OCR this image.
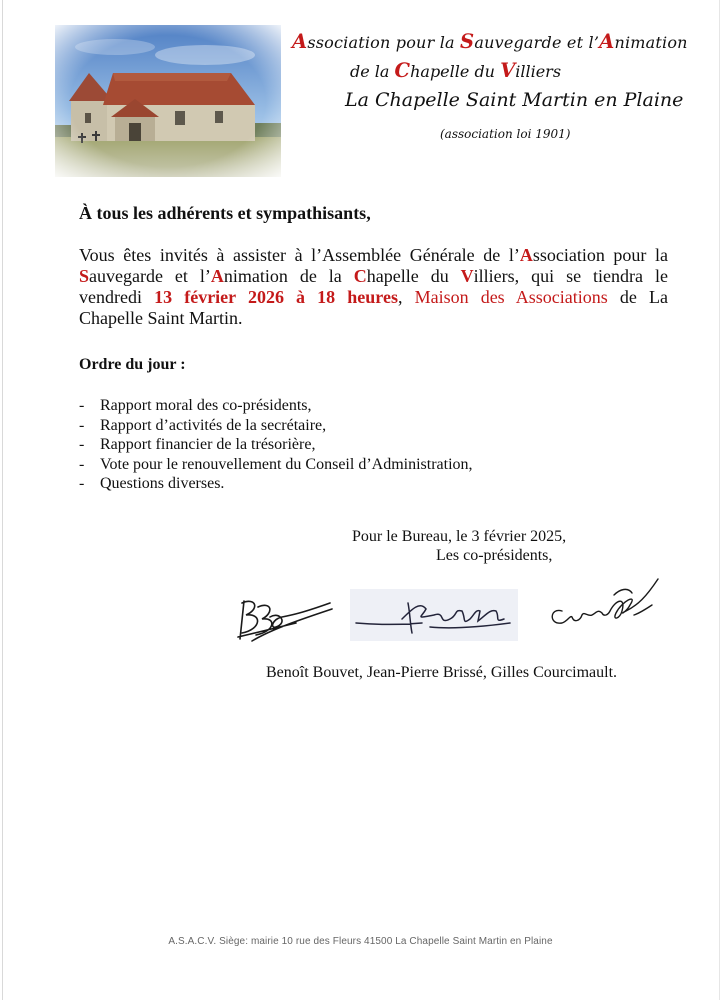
Association pour la Sauvegarde et l’Animation
de la Chapelle du Villiers
La Chapelle Saint Martin en Plaine
(association loi 1901)
À tous les adhérents et sympathisants,
Vous êtes invités à assister à l’Assemblée Générale de l’Association pour la
Sauvegarde et l’Animation de la Chapelle du Villiers, qui se tiendra le
vendredi 13 février 2026 à 18 heures, Maison des Associations de La
Chapelle Saint Martin.
Ordre du jour :
- Rapport moral des co-présidents,
- Rapport d’activités de la secrétaire,
- Rapport financier de la trésorière,
- Vote pour le renouvellement du Conseil d’Administration,
- Questions diverses.
Pour le Bureau, le 3 février 2025,
Les co-présidents,
Benoît Bouvet, Jean-Pierre Brissé, Gilles Courcimault.
A.S.A.C.V. Siège: mairie 10 rue des Fleurs 41500 La Chapelle Saint Martin en Plaine
